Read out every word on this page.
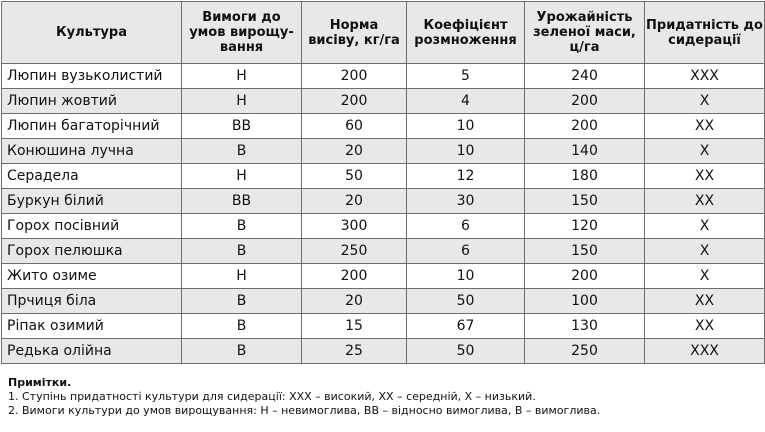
Культура	Вимоги до умов вирощу-вання	Норма висіву, кг/га	Коефіцієнт розмноження	Урожайність зеленої маси, ц/га	Придатність до сидерації
Люпин вузьколистий	Н	200	5	240	ХХХ
Люпин жовтий	Н	200	4	200	Х
Люпин багаторічний	ВВ	60	10	200	ХХ
Конюшина лучна	В	20	10	140	Х
Серадела	Н	50	12	180	ХХ
Буркун білий	ВВ	20	30	150	ХХ
Горох посівний	В	300	6	120	Х
Горох пелюшка	В	250	6	150	Х
Жито озиме	Н	200	10	200	Х
Прчиця біла	В	20	50	100	ХХ
Ріпак озимий	В	15	67	130	ХХ
Редька олійна	В	25	50	250	ХХХ
Примітки.
1. Ступінь придатності культури для сидерації: ХХХ – високий, ХХ – середній, Х – низький.
2. Вимоги культури до умов вирощування: Н – невимоглива, ВВ – відносно вимоглива, В – вимоглива.
